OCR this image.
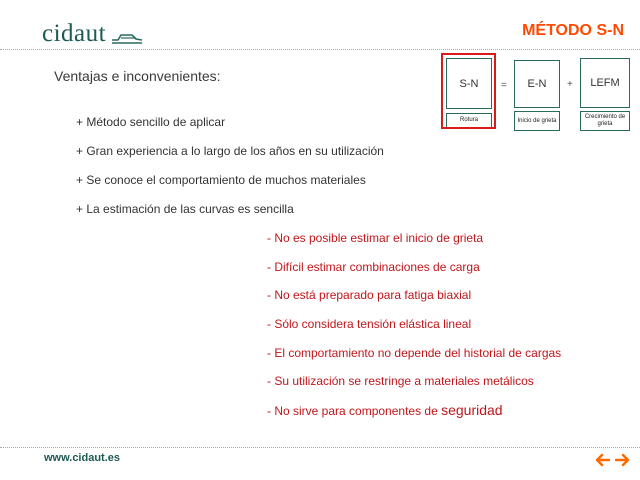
cidaut	MÉTODO S-N
Ventajas e inconvenientes:
+ Método sencillo de aplicar
+ Gran experiencia a lo largo de los años en su utilización
+ Se conoce el comportamiento de muchos materiales
+ La estimación de las curvas es sencilla
- No es posible estimar el inicio de grieta
- Difícil estimar combinaciones de carga
- No está preparado para fatiga biaxial
- Sólo considera tensión elástica lineal
- El comportamiento no depende del historial de cargas
- Su utilización se restringe a materiales metálicos
- No sirve para componentes de seguridad
S-N
Rotura
=	E-N
Inicio de grieta
+	LEFM
Crecimiento de grieta
www.cidaut.es
